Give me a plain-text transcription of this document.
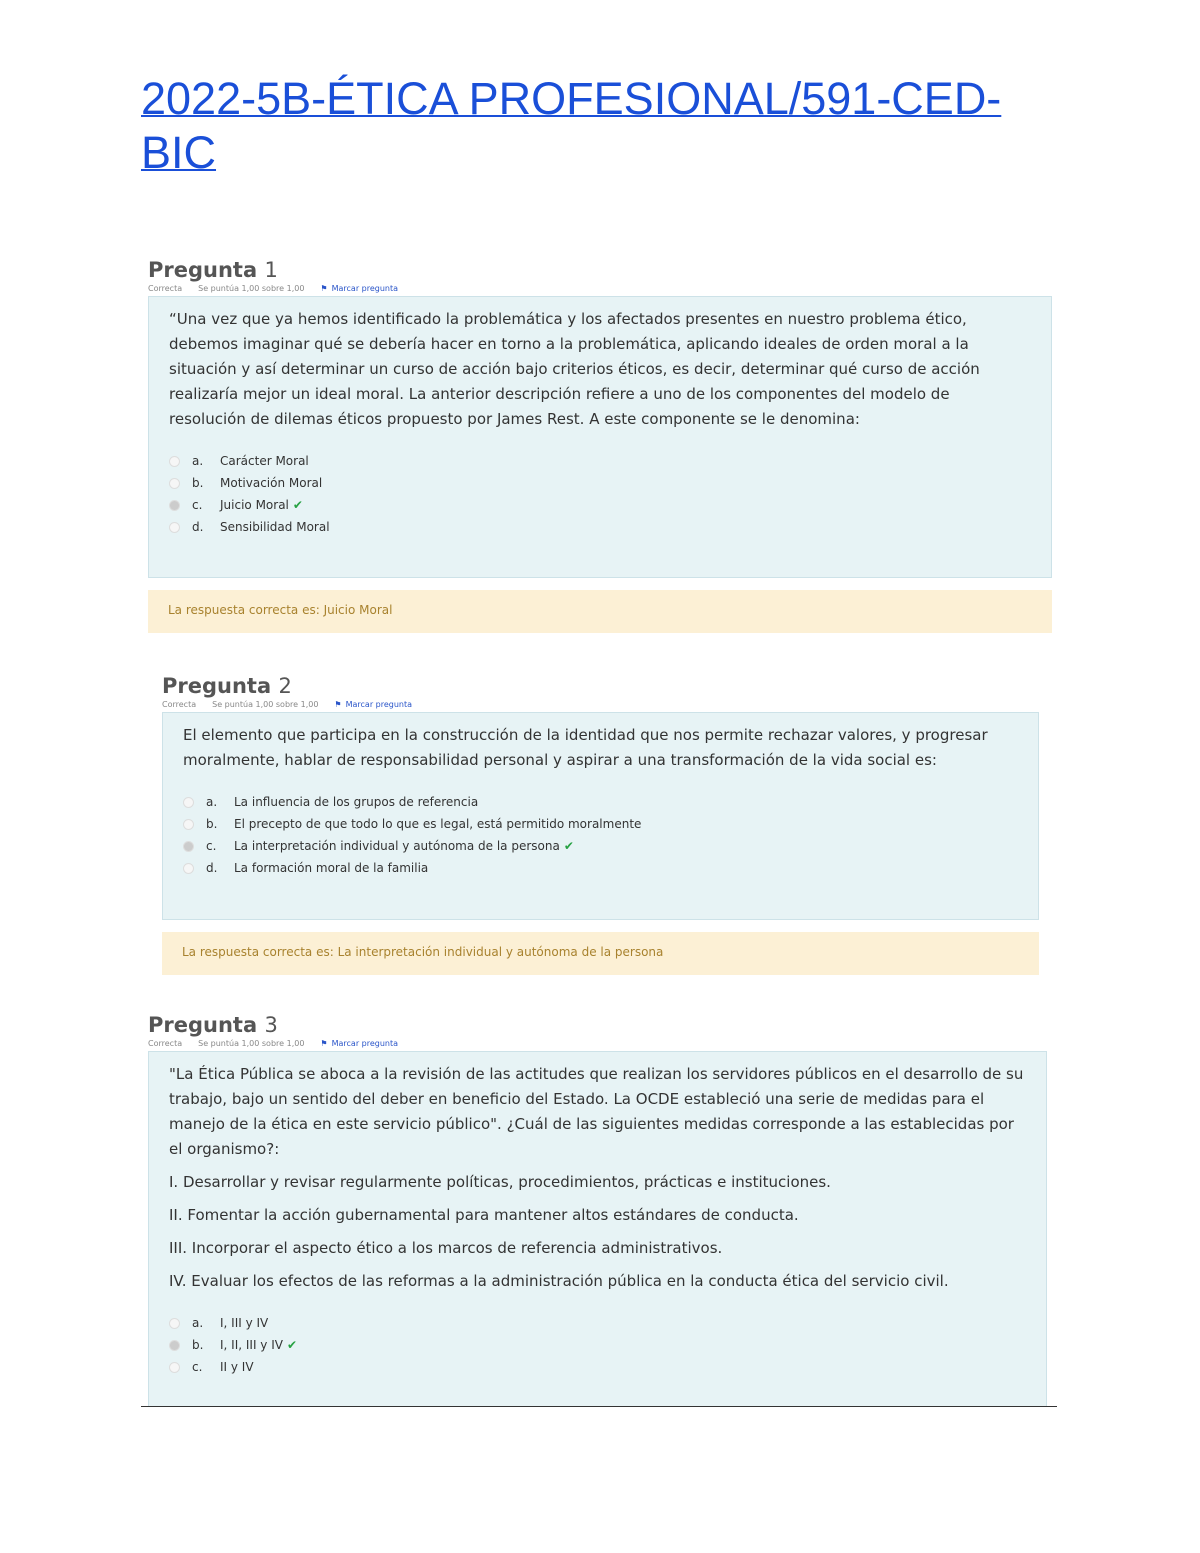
2022-5B-ÉTICA PROFESIONAL/591-CED-BIC
Pregunta 1
Correcta Se puntúa 1,00 sobre 1,00 ⚑ Marcar pregunta

“Una vez que ya hemos identificado la problemática y los afectados presentes en nuestro problema ético, debemos imaginar qué se debería hacer en torno a la problemática, aplicando ideales de orden moral a la situación y así determinar un curso de acción bajo criterios éticos, es decir, determinar qué curso de acción realizaría mejor un ideal moral. La anterior descripción refiere a uno de los componentes del modelo de resolución de dilemas éticos propuesto por James Rest. A este componente se le denomina:

a.	Carácter Moral
b.	Motivación Moral
c.	Juicio Moral ✔
d.	Sensibilidad Moral
La respuesta correcta es: Juicio Moral
Pregunta 2
Correcta Se puntúa 1,00 sobre 1,00 ⚑ Marcar pregunta

El elemento que participa en la construcción de la identidad que nos permite rechazar valores, y progresar moralmente, hablar de responsabilidad personal y aspirar a una transformación de la vida social es:

a.	La influencia de los grupos de referencia
b.	El precepto de que todo lo que es legal, está permitido moralmente
c.	La interpretación individual y autónoma de la persona ✔
d.	La formación moral de la familia
La respuesta correcta es: La interpretación individual y autónoma de la persona
Pregunta 3
Correcta Se puntúa 1,00 sobre 1,00 ⚑ Marcar pregunta

"La Ética Pública se aboca a la revisión de las actitudes que realizan los servidores públicos en el desarrollo de su trabajo, bajo un sentido del deber en beneficio del Estado. La OCDE estableció una serie de medidas para el manejo de la ética en este servicio público". ¿Cuál de las siguientes medidas corresponde a las establecidas por el organismo?:

I. Desarrollar y revisar regularmente políticas, procedimientos, prácticas e instituciones.

II. Fomentar la acción gubernamental para mantener altos estándares de conducta.

III. Incorporar el aspecto ético a los marcos de referencia administrativos.

IV. Evaluar los efectos de las reformas a la administración pública en la conducta ética del servicio civil.

a.	I, III y IV
b.	I, II, III y IV ✔
c.	II y IV
